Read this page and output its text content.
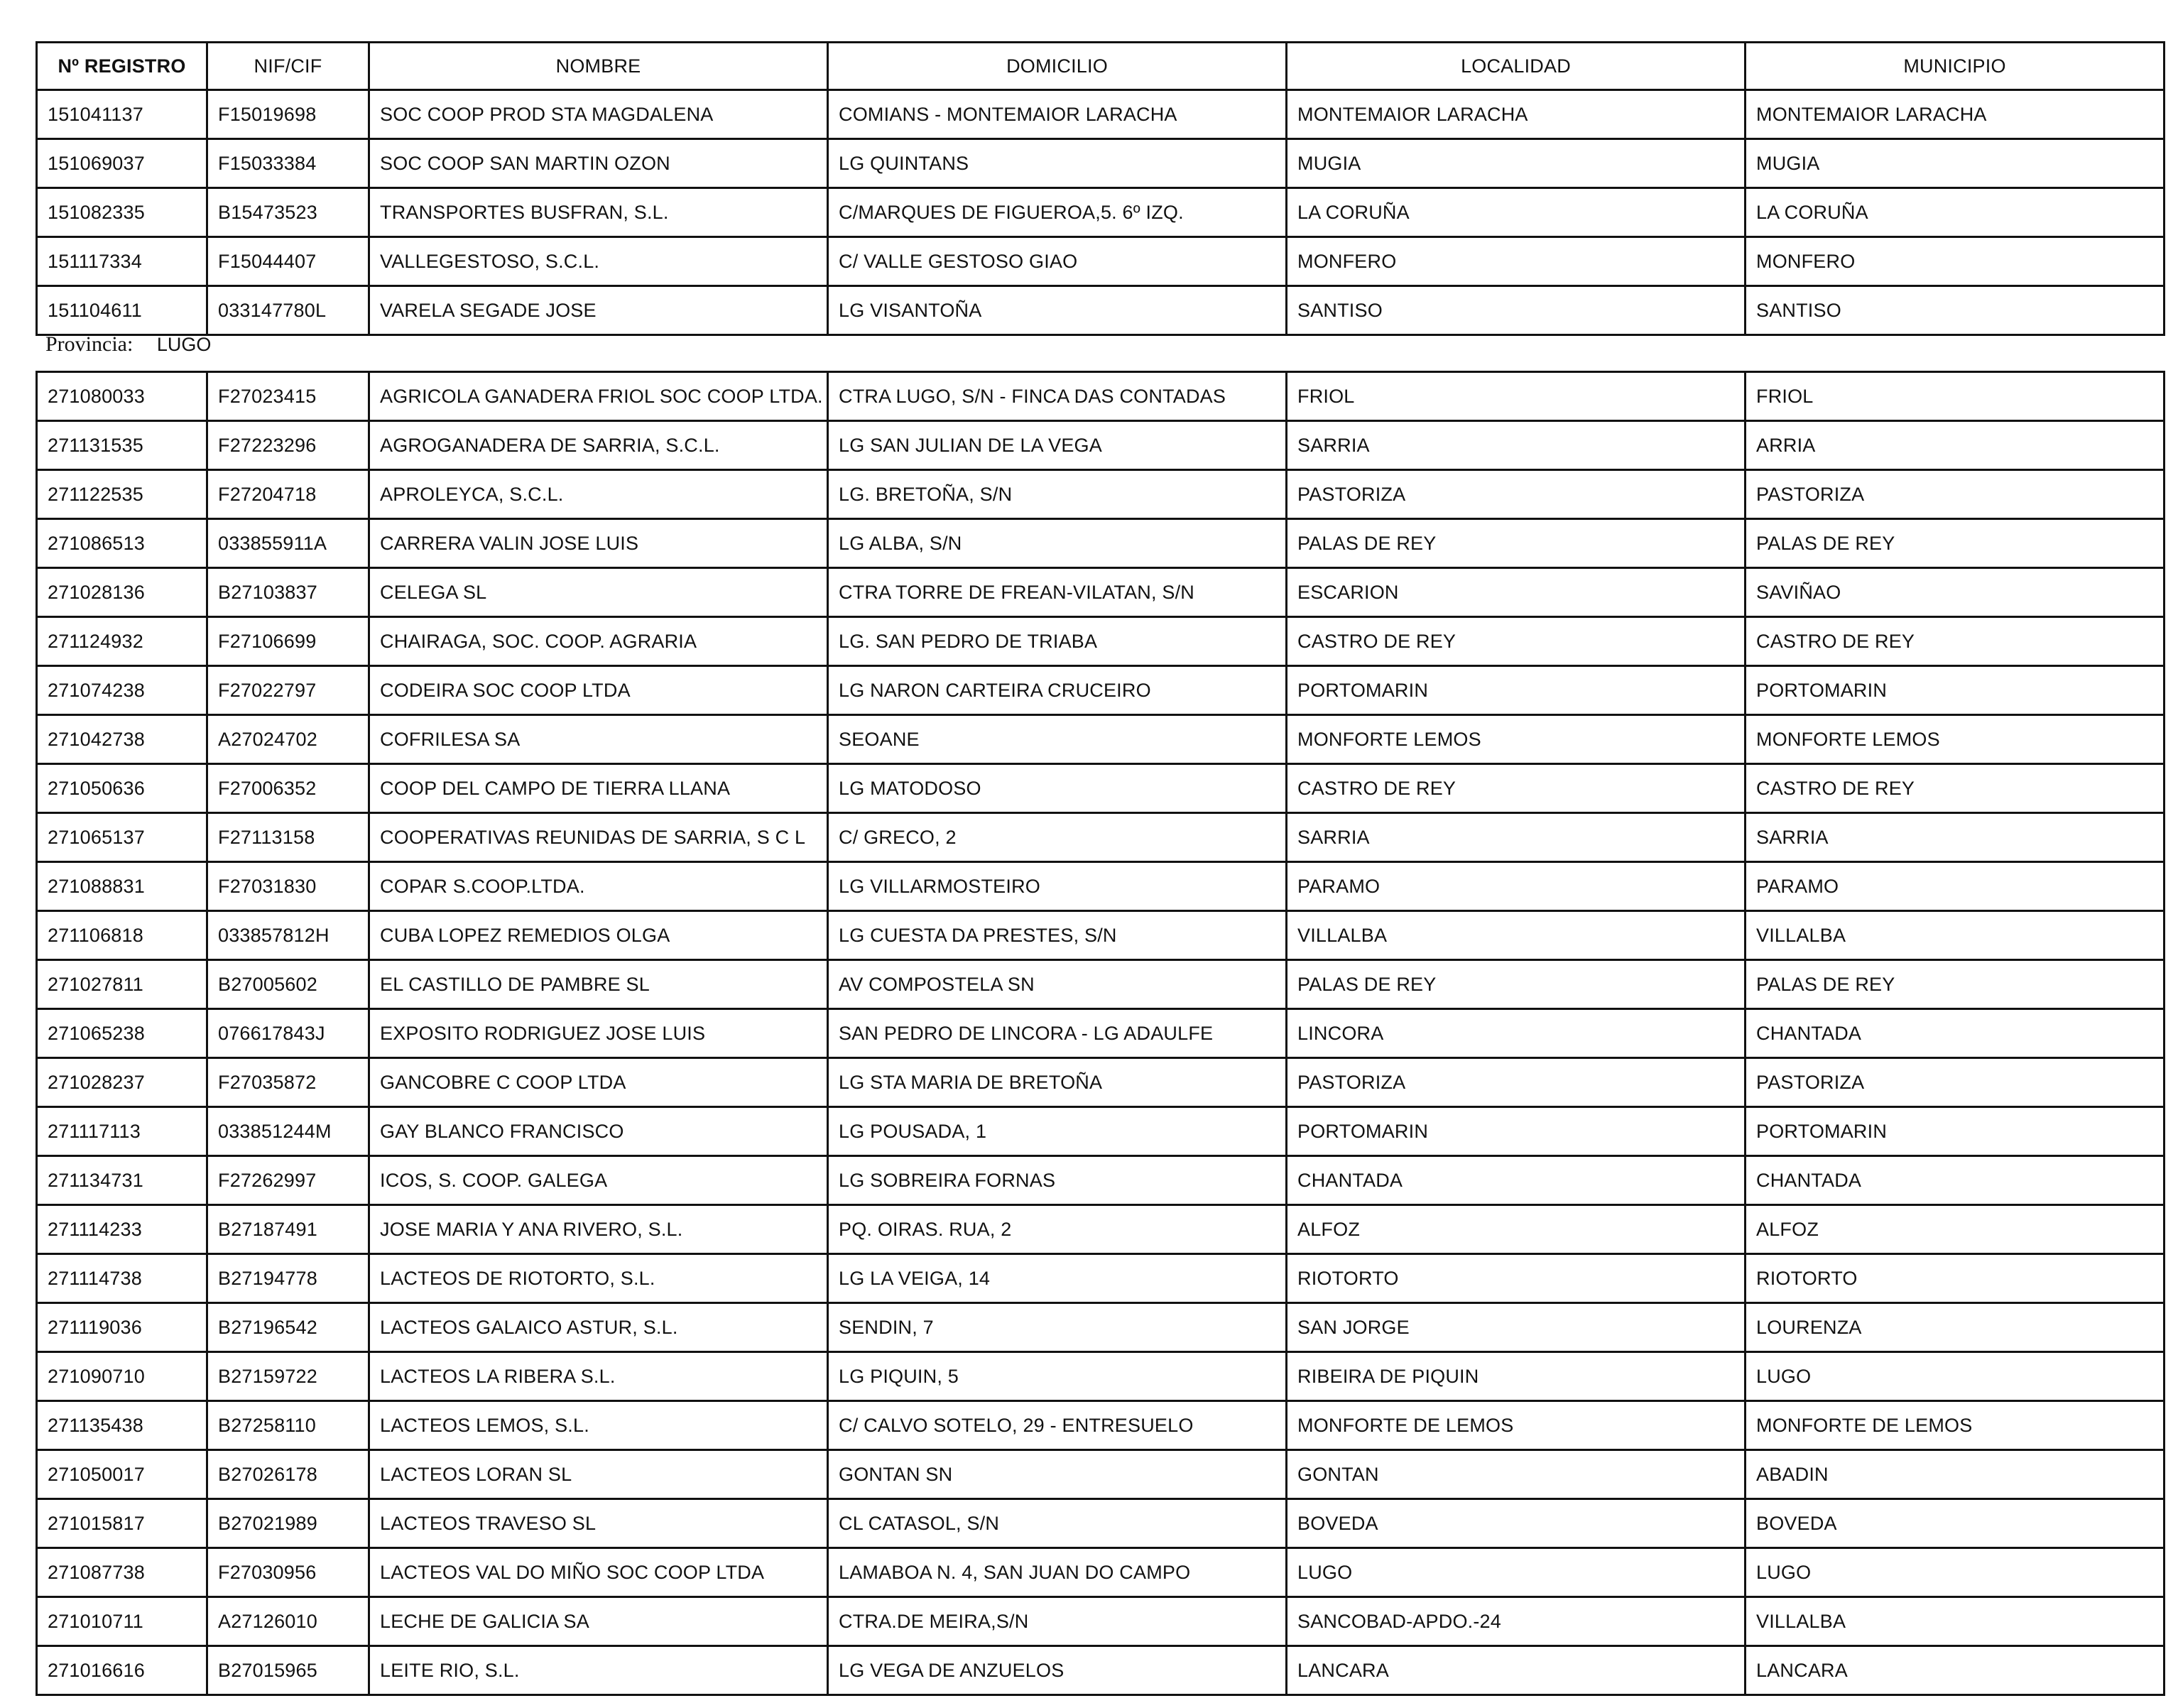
Nº REGISTRO	NIF/CIF	NOMBRE	DOMICILIO	LOCALIDAD	MUNICIPIO
151041137	F15019698	SOC COOP PROD STA MAGDALENA	COMIANS - MONTEMAIOR LARACHA	MONTEMAIOR LARACHA	MONTEMAIOR LARACHA
151069037	F15033384	SOC COOP SAN MARTIN OZON	LG QUINTANS	MUGIA	MUGIA
151082335	B15473523	TRANSPORTES BUSFRAN, S.L.	C/MARQUES DE FIGUEROA,5. 6º IZQ.	LA CORUÑA	LA CORUÑA
151117334	F15044407	VALLEGESTOSO, S.C.L.	C/ VALLE GESTOSO GIAO	MONFERO	MONFERO
151104611	033147780L	VARELA SEGADE JOSE	LG VISANTOÑA	SANTISO	SANTISO
Provincia: LUGO
271080033	F27023415	AGRICOLA GANADERA FRIOL SOC COOP LTDA.	CTRA LUGO, S/N - FINCA DAS CONTADAS	FRIOL	FRIOL
271131535	F27223296	AGROGANADERA DE SARRIA, S.C.L.	LG SAN JULIAN DE LA VEGA	SARRIA	ARRIA
271122535	F27204718	APROLEYCA, S.C.L.	LG. BRETOÑA, S/N	PASTORIZA	PASTORIZA
271086513	033855911A	CARRERA VALIN JOSE LUIS	LG ALBA, S/N	PALAS DE REY	PALAS DE REY
271028136	B27103837	CELEGA SL	CTRA TORRE DE FREAN-VILATAN, S/N	ESCARION	SAVIÑAO
271124932	F27106699	CHAIRAGA, SOC. COOP. AGRARIA	LG. SAN PEDRO DE TRIABA	CASTRO DE REY	CASTRO DE REY
271074238	F27022797	CODEIRA SOC COOP LTDA	LG NARON CARTEIRA CRUCEIRO	PORTOMARIN	PORTOMARIN
271042738	A27024702	COFRILESA SA	SEOANE	MONFORTE LEMOS	MONFORTE LEMOS
271050636	F27006352	COOP DEL CAMPO DE TIERRA LLANA	LG MATODOSO	CASTRO DE REY	CASTRO DE REY
271065137	F27113158	COOPERATIVAS REUNIDAS DE SARRIA, S C L	C/ GRECO, 2	SARRIA	SARRIA
271088831	F27031830	COPAR S.COOP.LTDA.	LG VILLARMOSTEIRO	PARAMO	PARAMO
271106818	033857812H	CUBA LOPEZ REMEDIOS OLGA	LG CUESTA DA PRESTES, S/N	VILLALBA	VILLALBA
271027811	B27005602	EL CASTILLO DE PAMBRE SL	AV COMPOSTELA SN	PALAS DE REY	PALAS DE REY
271065238	076617843J	EXPOSITO RODRIGUEZ JOSE LUIS	SAN PEDRO DE LINCORA - LG ADAULFE	LINCORA	CHANTADA
271028237	F27035872	GANCOBRE C COOP LTDA	LG STA MARIA DE BRETOÑA	PASTORIZA	PASTORIZA
271117113	033851244M	GAY BLANCO FRANCISCO	LG POUSADA, 1	PORTOMARIN	PORTOMARIN
271134731	F27262997	ICOS, S. COOP. GALEGA	LG SOBREIRA FORNAS	CHANTADA	CHANTADA
271114233	B27187491	JOSE MARIA Y ANA RIVERO, S.L.	PQ. OIRAS. RUA, 2	ALFOZ	ALFOZ
271114738	B27194778	LACTEOS DE RIOTORTO, S.L.	LG LA VEIGA, 14	RIOTORTO	RIOTORTO
271119036	B27196542	LACTEOS GALAICO ASTUR, S.L.	SENDIN, 7	SAN JORGE	LOURENZA
271090710	B27159722	LACTEOS LA RIBERA S.L.	LG PIQUIN, 5	RIBEIRA DE PIQUIN	LUGO
271135438	B27258110	LACTEOS LEMOS, S.L.	C/ CALVO SOTELO, 29 - ENTRESUELO	MONFORTE DE LEMOS	MONFORTE DE LEMOS
271050017	B27026178	LACTEOS LORAN SL	GONTAN SN	GONTAN	ABADIN
271015817	B27021989	LACTEOS TRAVESO SL	CL CATASOL, S/N	BOVEDA	BOVEDA
271087738	F27030956	LACTEOS VAL DO MIÑO SOC COOP LTDA	LAMABOA N. 4, SAN JUAN DO CAMPO	LUGO	LUGO
271010711	A27126010	LECHE DE GALICIA SA	CTRA.DE MEIRA,S/N	SANCOBAD-APDO.-24	VILLALBA
271016616	B27015965	LEITE RIO, S.L.	LG VEGA DE ANZUELOS	LANCARA	LANCARA
